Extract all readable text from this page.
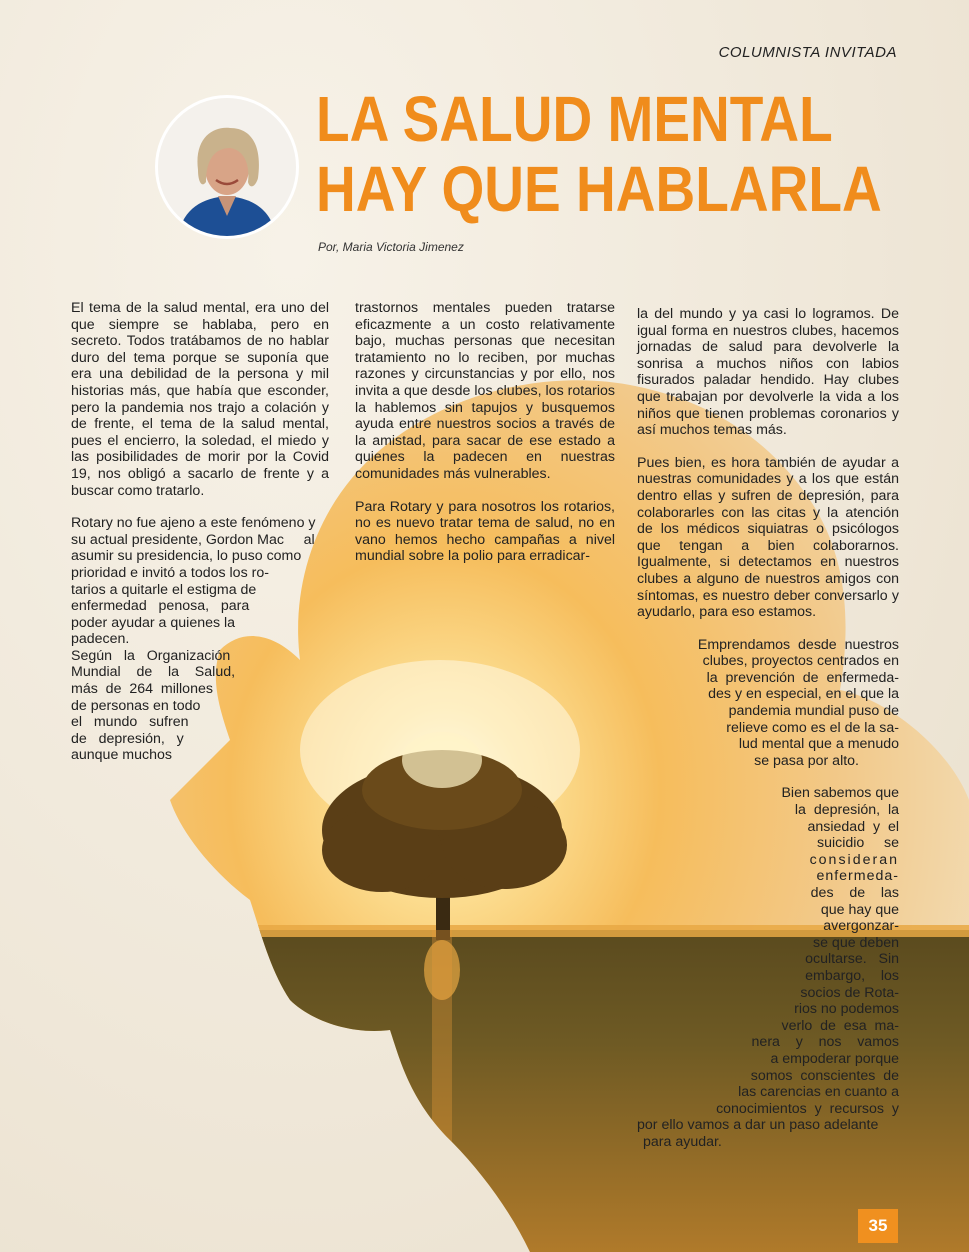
COLUMNISTA INVITADA
LA SALUD MENTAL
HAY QUE HABLARLA
Por, Maria Victoria Jimenez

El tema de la salud mental, era uno del que siempre se hablaba, pero en secreto. Todos tratábamos de no hablar duro del tema porque se suponía que era una debilidad de la persona y mil historias más, que había que esconder, pero la pandemia nos trajo a colación y de frente, el tema de la salud mental, pues el encierro, la soledad, el miedo y las posibilidades de morir por la Covid 19, nos obligó a sacarlo de frente y a buscar como tratarlo.

Rotary no fue ajeno a este fenómeno y
su actual presidente, Gordon Mac     al
asumir su presidencia, lo puso como
prioridad e invitó a todos los ro-
tarios a quitarle el estigma de
enfermedad   penosa,   para
poder ayudar a quienes la
padecen.

Según   la   Organización
Mundial    de    la    Salud,
más  de  264  millones
de personas en todo
el   mundo   sufren
de   depresión,   y
aunque muchos

trastornos mentales pueden tratarse eficazmente a un costo relativamente bajo, muchas personas que necesitan tratamiento no lo reciben, por muchas razones y circunstancias y por ello, nos invita a que desde los clubes, los rotarios la hablemos sin tapujos y busquemos ayuda entre nuestros socios a través de la amistad, para sacar de ese estado a quienes la padecen en nuestras comunidades más vulnerables.

Para Rotary y para nosotros los rotarios, no es nuevo tratar tema de salud, no en vano hemos hecho campañas a nivel mundial sobre la polio para erradicar-

la del mundo y ya casi lo logramos. De igual forma en nuestros clubes, hacemos jornadas de salud para devolverle la sonrisa a muchos niños con labios fisurados paladar hendido. Hay clubes que trabajan por devolverle la vida a los niños que tienen problemas coronarios y así muchos temas más.

Pues bien, es hora también de ayudar a nuestras comunidades y a los que están dentro ellas y sufren de depresión, para colaborarles con las citas y la atención de los médicos siquiatras o psicólogos que tengan a bien colaborarnos. Igualmente, si detectamos en nuestros clubes a alguno de nuestros amigos con síntomas, es nuestro deber conversarlo y ayudarlo, para eso estamos.

Emprendamos  desde  nuestros
clubes, proyectos centrados en
la  prevención  de  enfermeda-
des y en especial, en el que la
pandemia mundial puso de
relieve como es el de la sa-
lud mental que a menudo
se pasa por alto.

Bien sabemos que
la  depresión,  la
ansiedad  y  el
suicidio     se
consideran
enfermeda-
des    de    las
que hay que
avergonzar-
se que deben
ocultarse.   Sin
embargo,    los
socios de Rota-
rios no podemos
verlo  de  esa  ma-
nera    y    nos    vamos
a empoderar porque
somos  conscientes  de
las carencias en cuanto a
conocimientos  y  recursos  y
por ello vamos a dar un paso adelante
para ayudar.

35
